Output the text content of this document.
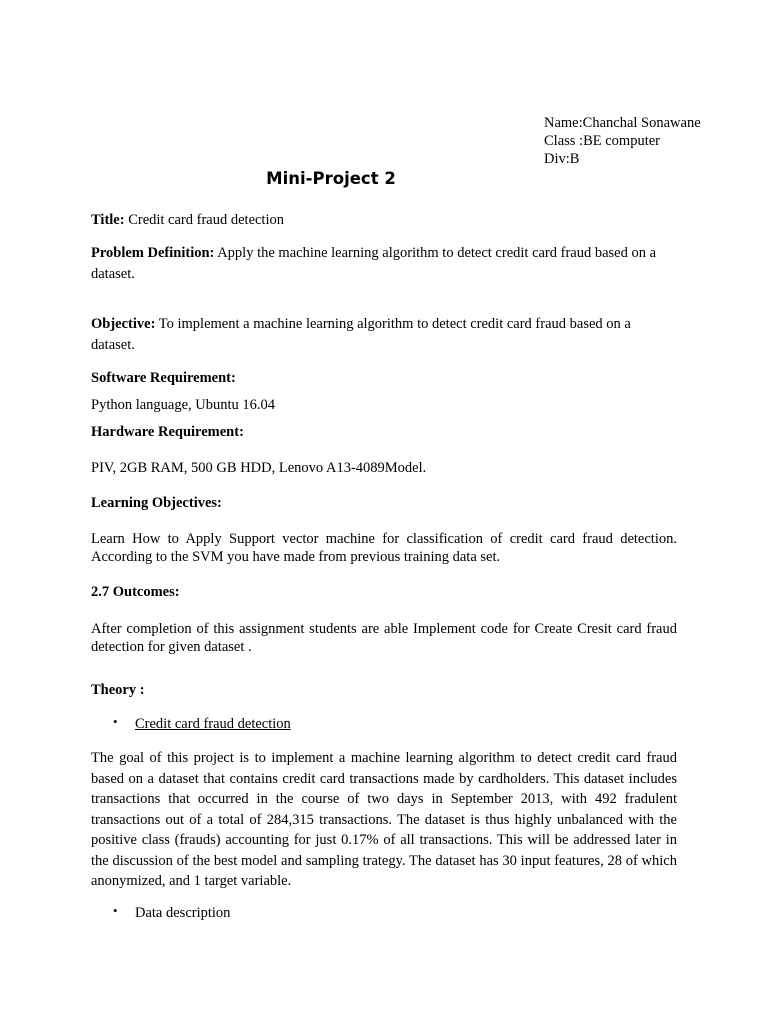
Name:Chanchal Sonawane
Class :BE computer
Div:B
Mini-Project 2
Title: Credit card fraud detection
Problem Definition: Apply the machine learning algorithm to detect credit card fraud based on a dataset.
Objective: To implement a machine learning algorithm to detect credit card fraud based on a dataset.
Software Requirement:
Python language, Ubuntu 16.04
Hardware Requirement:
PIV, 2GB RAM, 500 GB HDD, Lenovo A13-4089Model.
Learning Objectives:
Learn How to Apply Support vector machine for classification of credit card fraud detection. According to the SVM you have made from previous training data set.
2.7 Outcomes:
After completion of this assignment students are able Implement code for Create Cresit card fraud detection for given dataset .
Theory :
• Credit card fraud detection
The goal of this project is to implement a machine learning algorithm to detect credit card fraud based on a dataset that contains credit card transactions made by cardholders. This dataset includes transactions that occurred in the course of two days in September 2013, with 492 fradulent transactions out of a total of 284,315 transactions. The dataset is thus highly unbalanced with the positive class (frauds) accounting for just 0.17% of all transactions. This will be addressed later in the discussion of the best model and sampling trategy. The dataset has 30 input features, 28 of which anonymized, and 1 target variable.
• Data description
